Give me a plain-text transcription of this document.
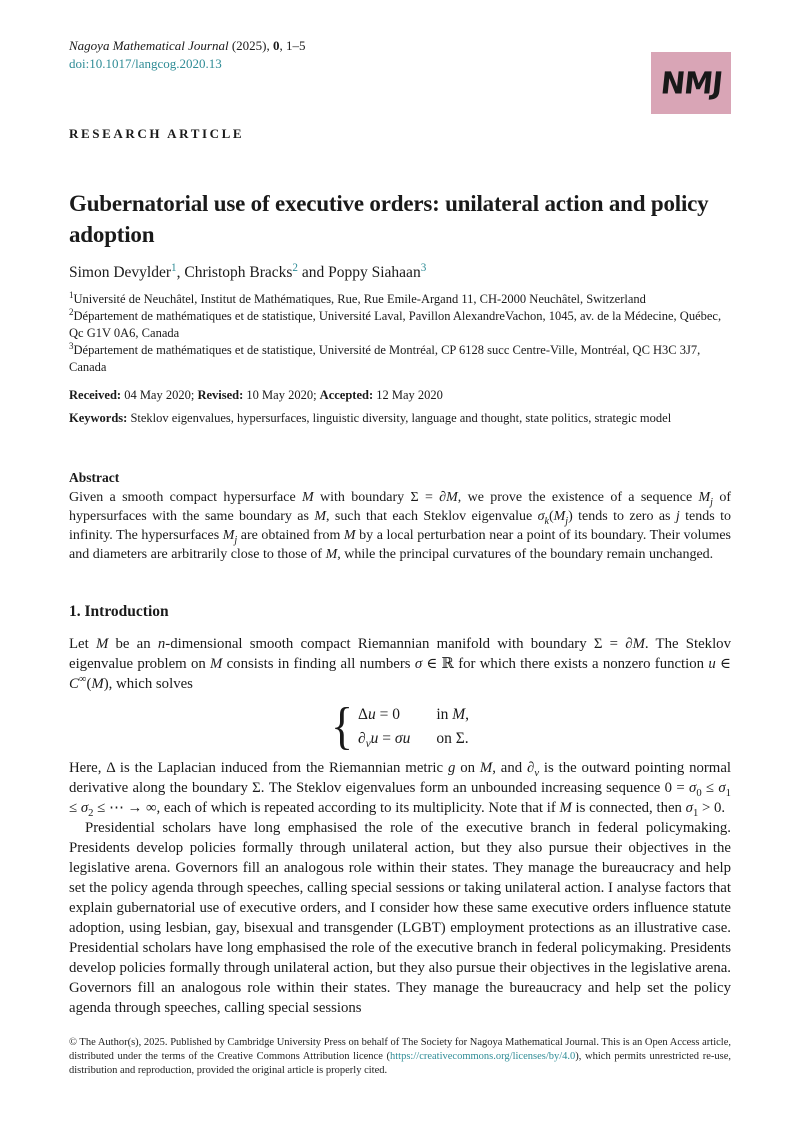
Nagoya Mathematical Journal (2025), 0, 1–5
doi:10.1017/langcog.2020.13
NMJ
RESEARCH ARTICLE
Gubernatorial use of executive orders: unilateral action and policy adoption
Simon Devylder$^1$, Christoph Bracks$^2$ and Poppy Siahaan$^3$
$^1$Université de Neuchâtel, Institut de Mathématiques, Rue, Rue Emile-Argand 11, CH-2000 Neuchâtel, Switzerland
$^2$Département de mathématiques et de statistique, Université Laval, Pavillon AlexandreVachon, 1045, av. de la Médecine, Québec, Qc G1V 0A6, Canada
$^3$Département de mathématiques et de statistique, Université de Montréal, CP 6128 succ Centre-Ville, Montréal, QC H3C 3J7, Canada
Received: 04 May 2020; Revised: 10 May 2020; Accepted: 12 May 2020
Keywords: Steklov eigenvalues, hypersurfaces, linguistic diversity, language and thought, state politics, strategic model
Abstract
Given a smooth compact hypersurface M with boundary Σ = ∂M, we prove the existence of a sequence $M_j$ of hypersurfaces with the same boundary as M, such that each Steklov eigenvalue $\sigma_k(M_j)$ tends to zero as j tends to infinity. The hypersurfaces $M_j$ are obtained from M by a local perturbation near a point of its boundary. Their volumes and diameters are arbitrarily close to those of M, while the principal curvatures of the boundary remain unchanged.
1. Introduction

Let M be an n-dimensional smooth compact Riemannian manifold with boundary Σ = ∂M. The Steklov eigenvalue problem on M consists in finding all numbers σ ∈ ℝ for which there exists a nonzero function u ∈ C∞(M), which solves

{ Δu = 0	in M,
$\partial_\nu u = \sigma u$ on Σ.

Here, Δ is the Laplacian induced from the Riemannian metric g on M, and $\partial_\nu$ is the outward pointing normal derivative along the boundary Σ. The Steklov eigenvalues form an unbounded increasing sequence $0 = \sigma_0 \le \sigma_1 \le \sigma_2$ ≤ ⋯ → ∞, each of which is repeated according to its multiplicity. Note that if M is connected, then $\sigma_1 > 0$.

Presidential scholars have long emphasised the role of the executive branch in federal policymaking. Presidents develop policies formally through unilateral action, but they also pursue their objectives in the legislative arena. Governors fill an analogous role within their states. They manage the bureaucracy and help set the policy agenda through speeches, calling special sessions or taking unilateral action. I analyse factors that explain gubernatorial use of executive orders, and I consider how these same executive orders influence statute adoption, using lesbian, gay, bisexual and transgender (LGBT) employment protections as an illustrative case. Presidential scholars have long emphasised the role of the executive branch in federal policymaking. Presidents develop policies formally through unilateral action, but they also pursue their objectives in the legislative arena. Governors fill an analogous role within their states. They manage the bureaucracy and help set the policy agenda through speeches, calling special sessions

© The Author(s), 2025. Published by Cambridge University Press on behalf of The Society for Nagoya Mathematical Journal. This is an Open Access article, distributed under the terms of the Creative Commons Attribution licence (https://creativecommons.org/licenses/by/4.0), which permits unrestricted re-use, distribution and reproduction, provided the original article is properly cited.
